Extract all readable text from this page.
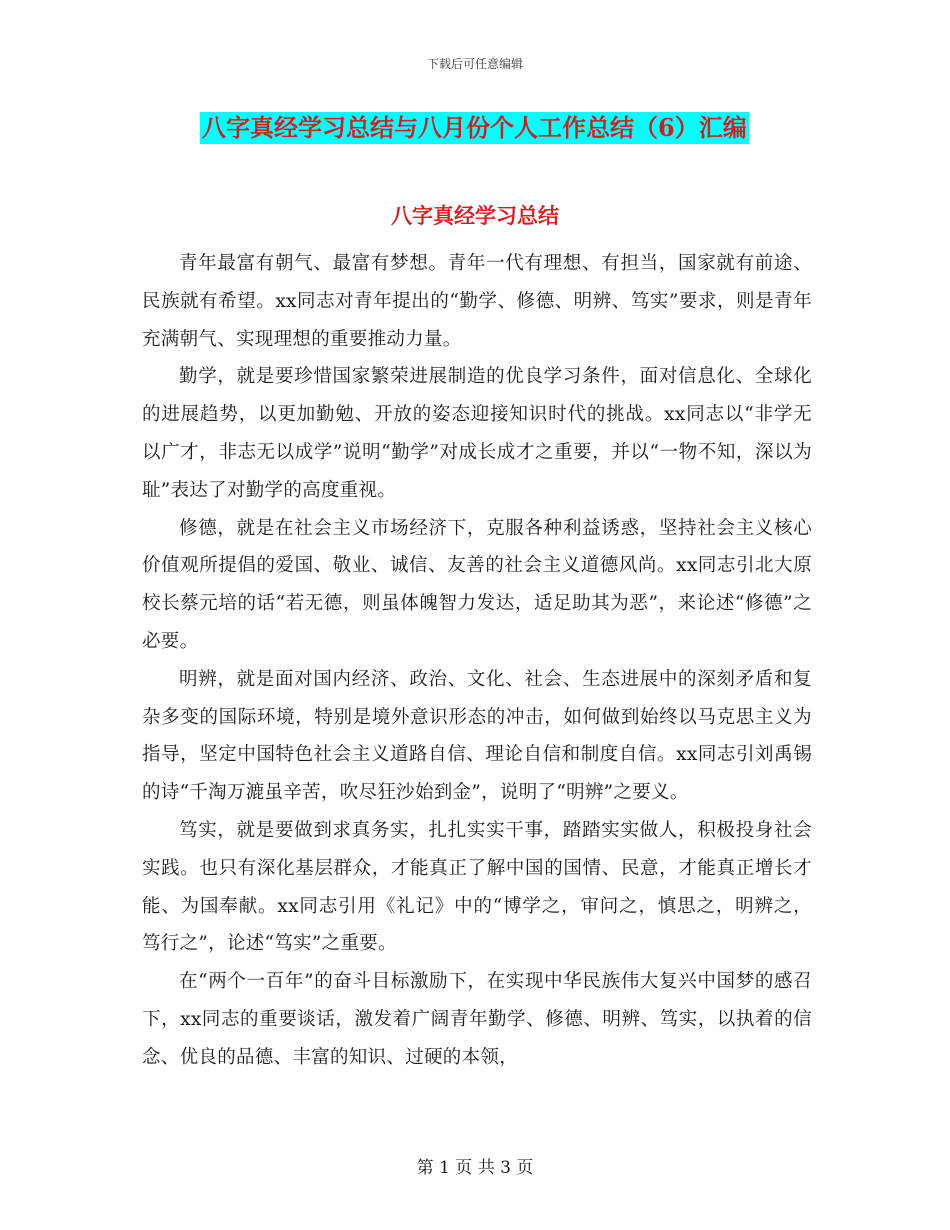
下载后可任意编辑
八字真经学习总结与八月份个人工作总结（6）汇编
八字真经学习总结

青年最富有朝气、最富有梦想。青年一代有理想、有担当，国家就有前途、民族就有希望。xx同志对青年提出的“勤学、修德、明辨、笃实”要求，则是青年充满朝气、实现理想的重要推动力量。

勤学，就是要珍惜国家繁荣进展制造的优良学习条件，面对信息化、全球化的进展趋势，以更加勤勉、开放的姿态迎接知识时代的挑战。xx同志以“非学无以广才，非志无以成学”说明“勤学”对成长成才之重要，并以“一物不知，深以为耻”表达了对勤学的高度重视。

修德，就是在社会主义市场经济下，克服各种利益诱惑，坚持社会主义核心价值观所提倡的爱国、敬业、诚信、友善的社会主义道德风尚。xx同志引北大原校长蔡元培的话“若无德，则虽体魄智力发达，适足助其为恶”，来论述“修德”之必要。

明辨，就是面对国内经济、政治、文化、社会、生态进展中的深刻矛盾和复杂多变的国际环境，特别是境外意识形态的冲击，如何做到始终以马克思主义为指导，坚定中国特色社会主义道路自信、理论自信和制度自信。xx同志引刘禹锡的诗“千淘万漉虽辛苦，吹尽狂沙始到金”，说明了“明辨”之要义。

笃实，就是要做到求真务实，扎扎实实干事，踏踏实实做人，积极投身社会实践。也只有深化基层群众，才能真正了解中国的国情、民意，才能真正增长才能、为国奉献。xx同志引用《礼记》中的“博学之，审问之，慎思之，明辨之，笃行之”，论述“笃实”之重要。

在“两个一百年”的奋斗目标激励下，在实现中华民族伟大复兴中国梦的感召下，xx同志的重要谈话，激发着广阔青年勤学、修德、明辨、笃实，以执着的信念、优良的品德、丰富的知识、过硬的本领，

第 1 页 共 3 页
